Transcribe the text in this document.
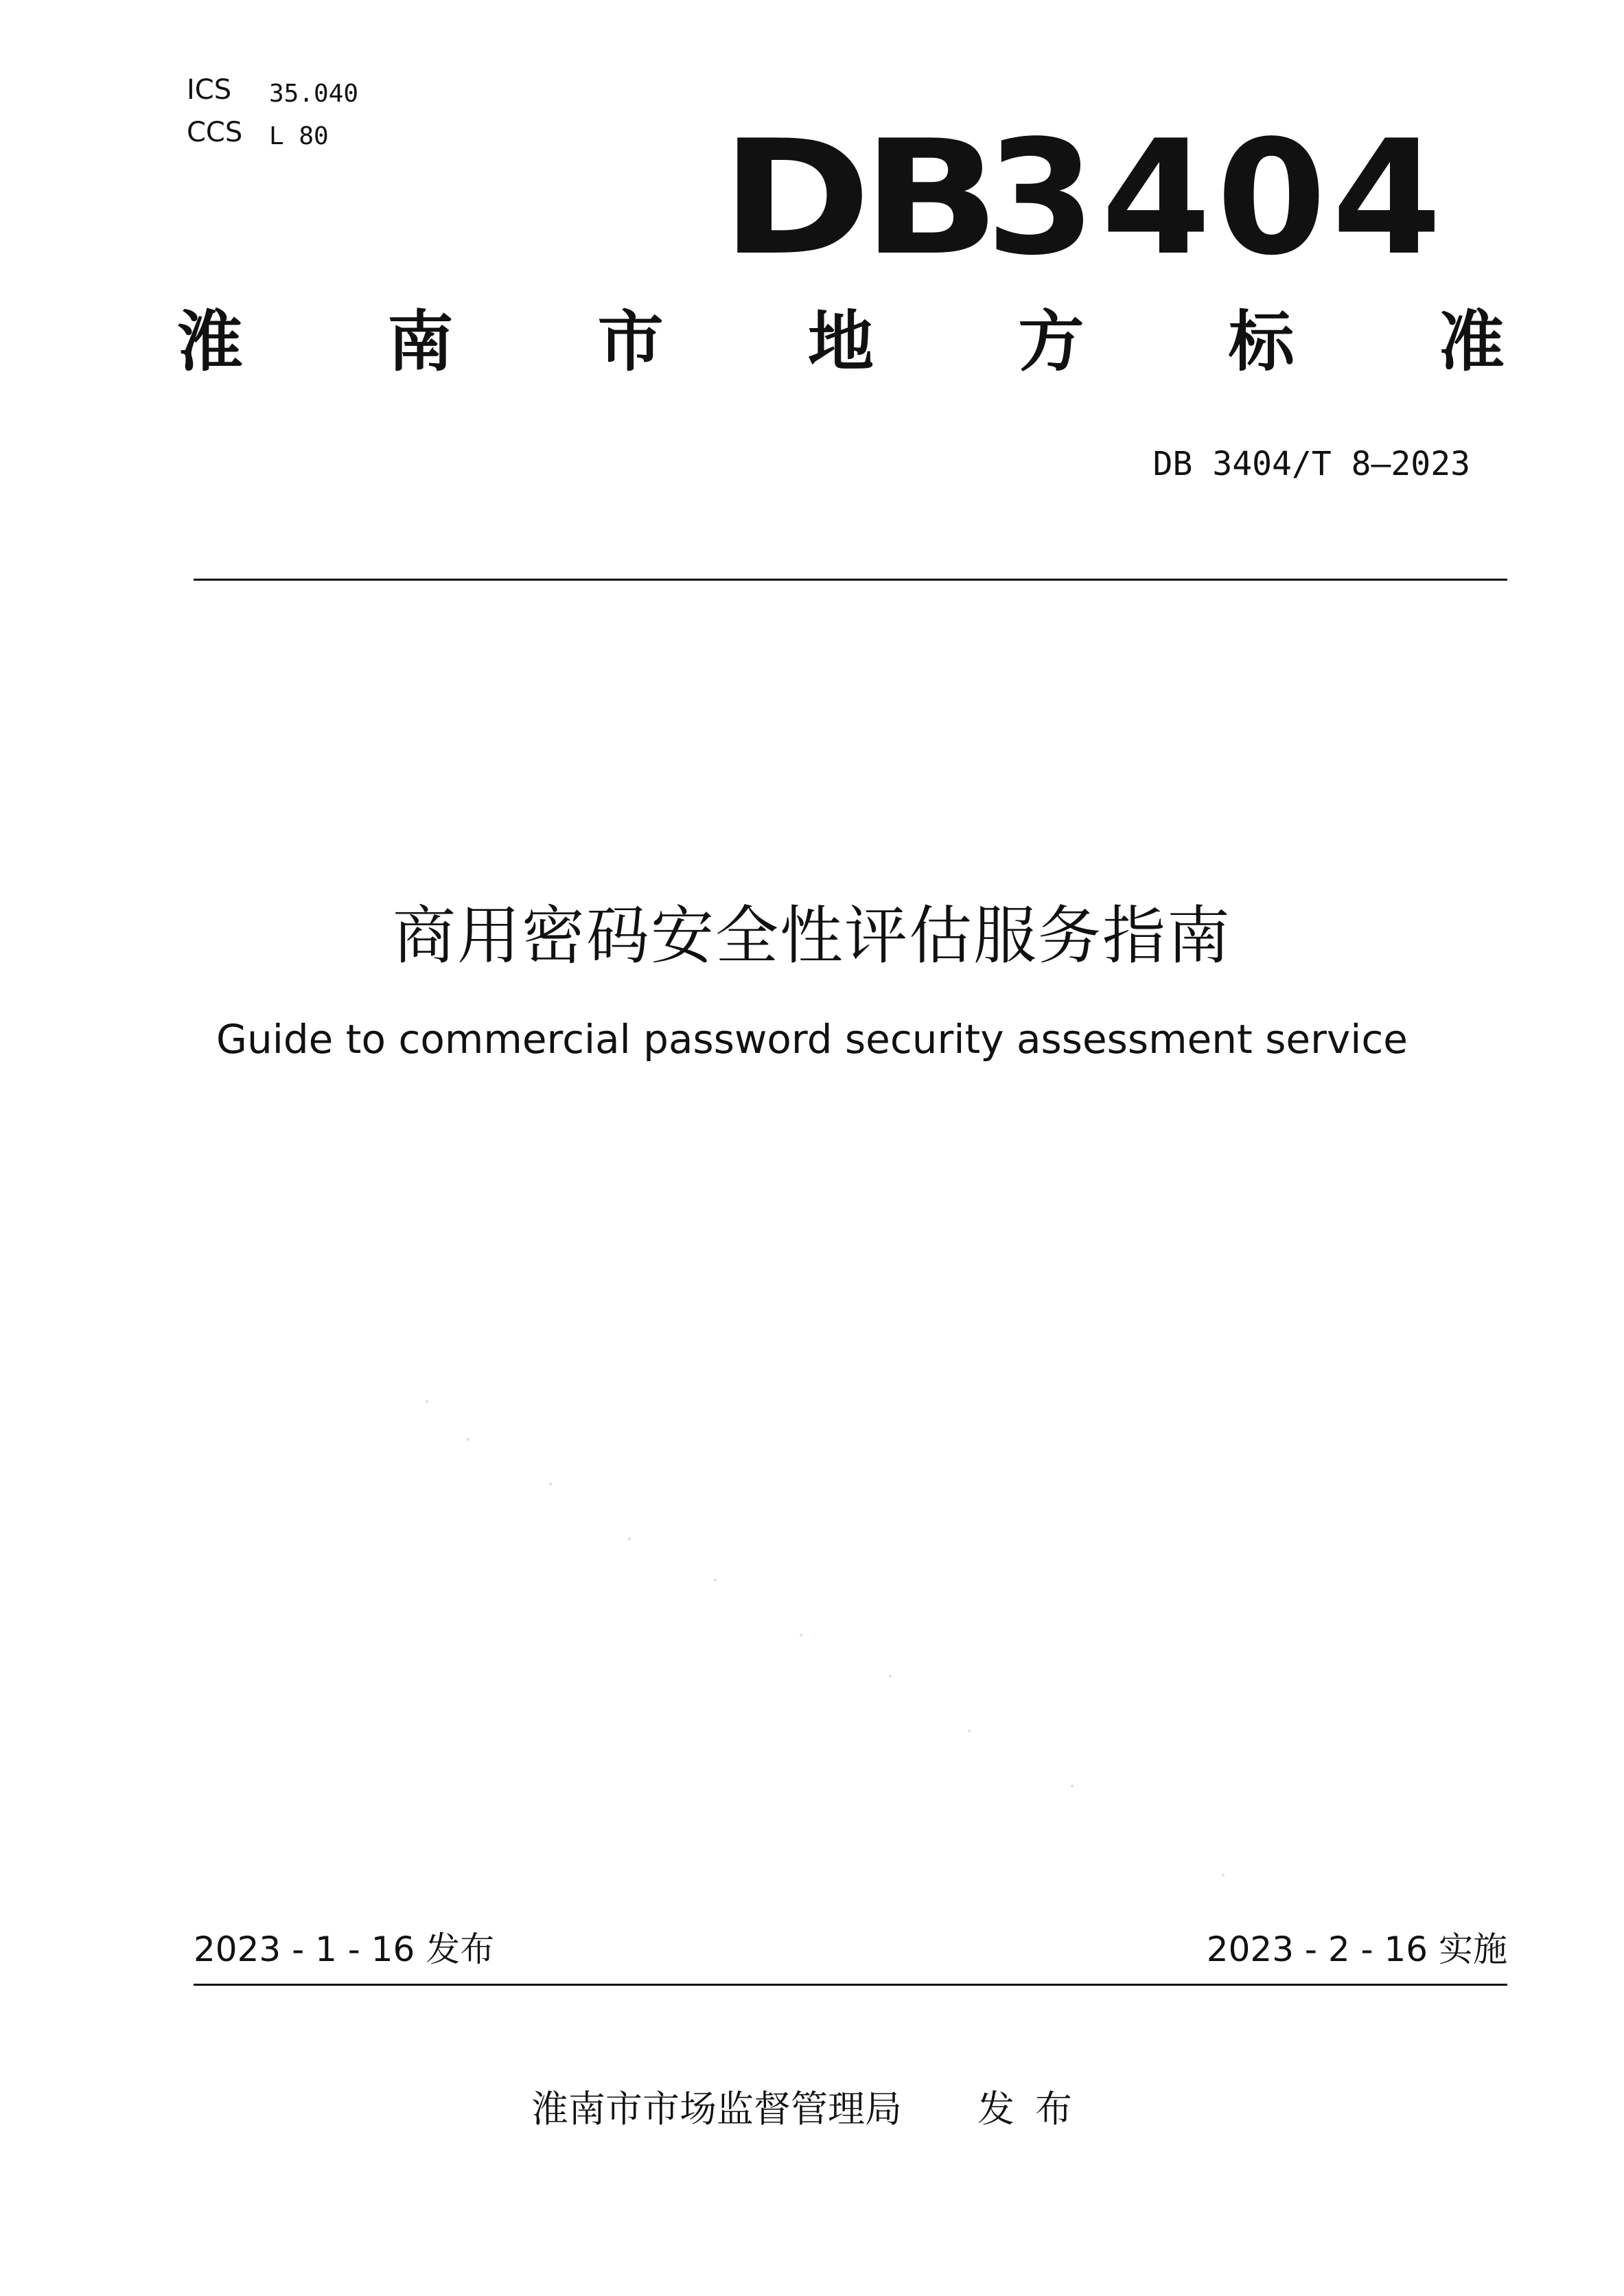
ICS 35.040
CCS L 80 DB3404
淮 南 市 地 方 标 准
DB 3404/T 8—2023
商用密码安全性评估服务指南
Guide to commercial password security assessment service
2023 - 1 - 16 发布	2023 - 2 - 16 实施
淮南市市场监督管理局 发布
